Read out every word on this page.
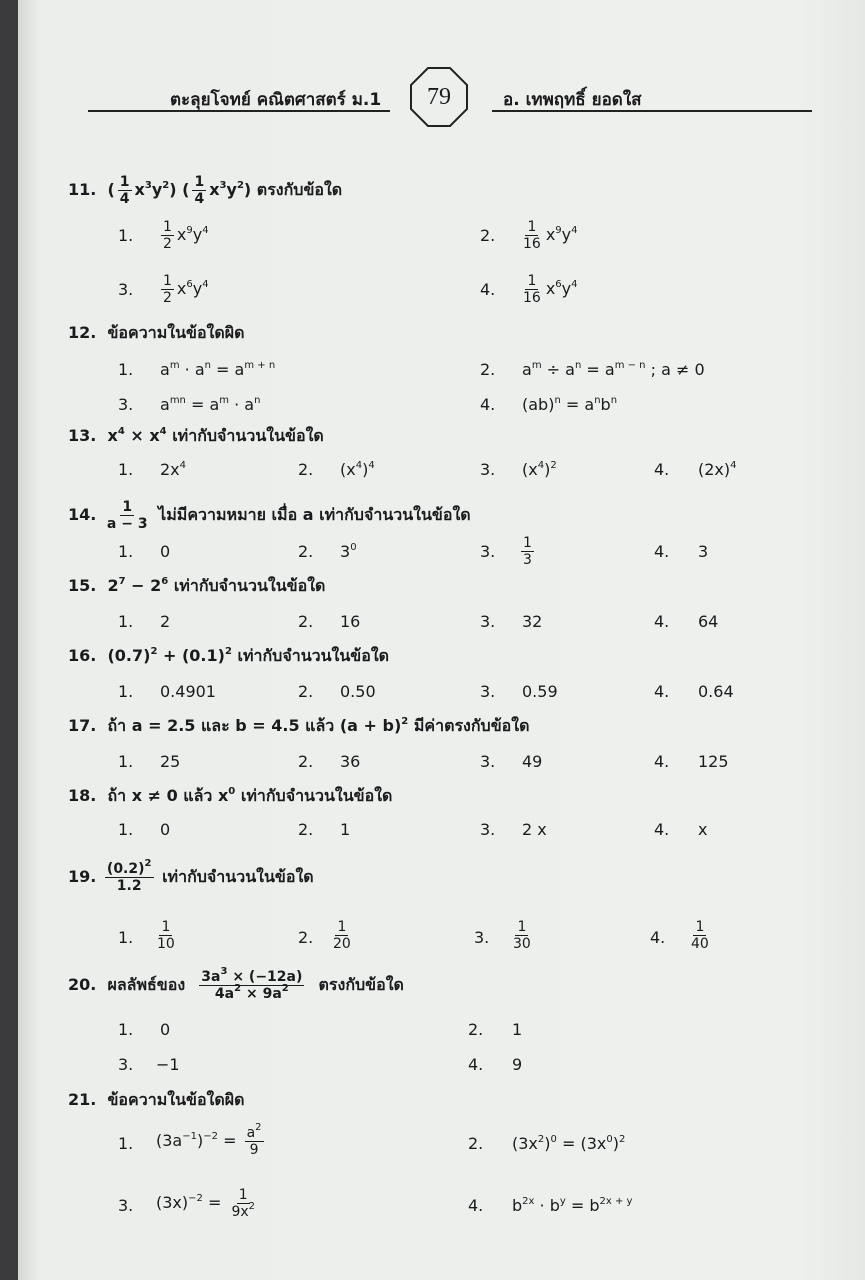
ตะลุยโจทย์ คณิตศาสตร์ ม.1 79	อ. เทพฤทธิ์ ยอดใส
11.  ( $\frac{1}{4} x^3y^2$) ( $\frac{1}{4} x^3y^2$) ตรงกับข้อใด
1. $\frac{1}{2} x^9y^4$	2. $\frac{1}{16} x^9y^4$
3. $\frac{1}{2} x^6y^4$	4. $\frac{1}{16} x^6y^4$
12. ข้อความในข้อใดผิด
1. $a^m \cdot a^n = a^{m + n}$	2. $a^m \div a^n = a^{m - n}$ ; a ≠ 0
3. $a^{mn} = a^m \cdot a^n$	4. $(ab)^n = a^nb^n$
13.  $x^4 \times x^4$ เท่ากับจำนวนในข้อใด
1. $2x^4$	2. $(x^4)^4$	3. $(x^4)^2$	4. $(2x)^4$
14. $\frac{1}{a - 3}$ ไม่มีความหมาย เมื่อ a เท่ากับจำนวนในข้อใด
1. 0	2. $3^0$	3. $\frac{1}{3}$	4. 3
15.  $2^7 - 2^6$ เท่ากับจำนวนในข้อใด
1. 2	2. 16	3. 32	4. 64
16.  $(0.7)^2 + (0.1)^2$ เท่ากับจำนวนในข้อใด
1. 0.4901	2. 0.50	3. 0.59	4. 0.64
17. ถ้า a = 2.5 และ b = 4.5 แล้ว $(a + b)^2$ มีค่าตรงกับข้อใด
1. 25	2. 36	3. 49	4. 125
18. ถ้า x ≠ 0 แล้ว $x^0$ เท่ากับจำนวนในข้อใด
1. 0	2. 1	3. 2 x	4. x
19. $\frac{(0.2)^2}{1.2}$ เท่ากับจำนวนในข้อใด
1. $\frac{1}{10}$	2. $\frac{1}{20}$	3. $\frac{1}{30}$	4. $\frac{1}{40}$
20. ผลลัพธ์ของ $\frac{3a^3 \times (-12a)}{4a^2 \times 9a^2}$ ตรงกับข้อใด
1. 0	2. 1
3. −1	4. 9
21. ข้อความในข้อใดผิด
1. $(3a^{-1})^{-2} = \frac{a^2}{9}$	2. $(3x^2)^0 = (3x^0)^2$
3. $(3x)^{-2} = \frac{1}{9x^2}$	4. $b^{2x} \cdot b^y = b^{2x + y}$
